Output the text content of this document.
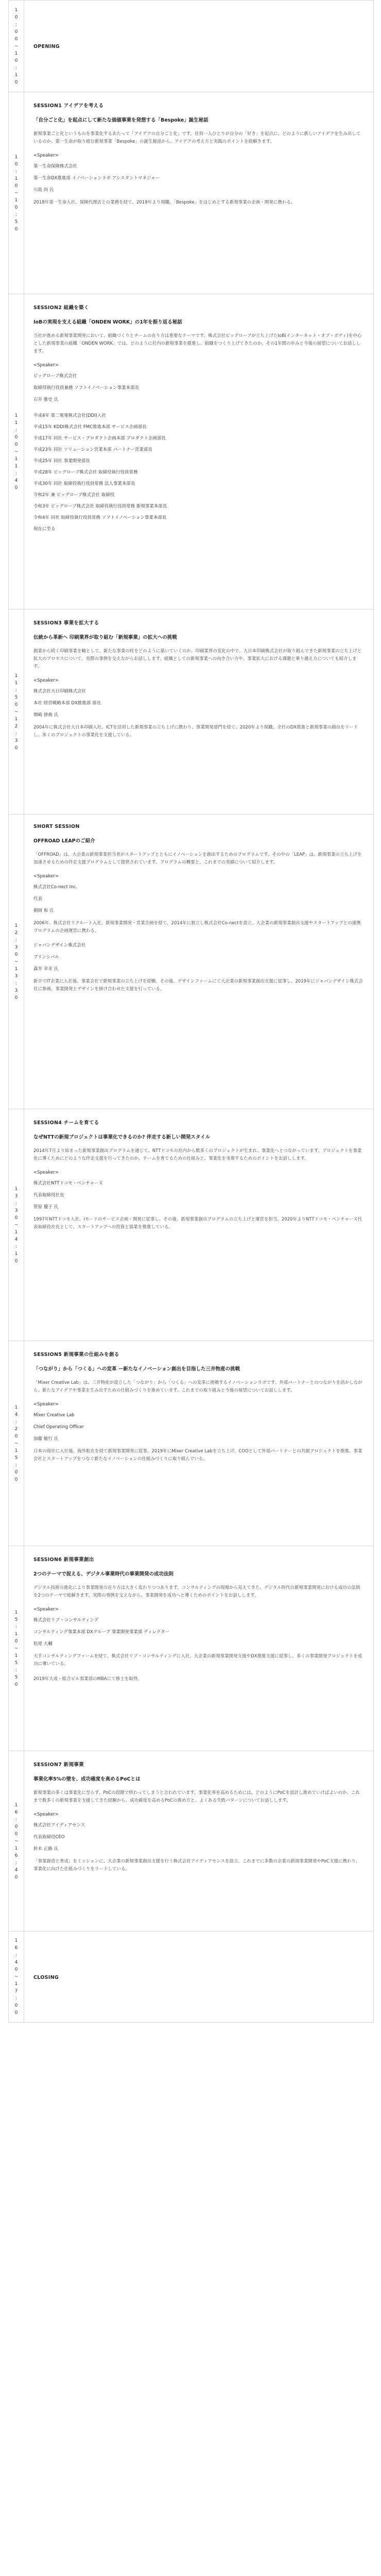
1
0
:
0
0
~
1
0
:
1
0
OPENING
1
0
:
1
0
~
1
0
:
5
0
SESSION1 アイデアを考える
「自分ごと化」を起点にして新たな価値事業を発想する「Bespoke」誕生秘話
新規事業ごと化というものを事業化するあたって「アイデアの自分ごと化」です。社員一人ひとりが自分の「好き」を起点に、どのように新しいアイデアを生み出しているのか。第一生命が取り組む新規事業「Bespoke」の誕生秘話から、アイデアの考え方と実践のポイントを紐解きます。
<Speaker>
第一生命保険株式会社
第一生命DX推進部 イノベーションラボ アシスタントマネジャー
川島 尚 氏
2018年第一生命入社。保険代理店との業務を経て、2019年より現職。「Bespoke」をはじめとする新規事業の企画・開発に携わる。
1
1
:
0
0
~
1
1
:
4
0
SESSION2 組織を築く
IoBの実現を支える組織「ONDEN WORK」の1年を振り返る秘話
当社が進める新規事業開発において、組織づくりとチームの在り方は重要なテーマです。株式会社ビッグローブが立ち上げたIoB(インターネット・オブ・ボディ)を中心とした新規事業の組織「ONDEN WORK」では、どのように社内の新規事業を推進し、組織をつくり上げてきたのか。その1年間の歩みと今後の展望についてお話しします。
<Speaker>
ビッグローブ株式会社
取締役執行役員兼務 ソフトイノベーション事業本部長
石井 雅史 氏
平成4年 第二電電株式会社(DDI)入社
平成15年 KDDI株式会社 FMC推進本部 サービス企画部長
平成17年 同社 サービス・プロダクト企画本部 プロダクト企画部長
平成23年 同社 ソリューション営業本部 パートナー営業部長
平成25年 同社 事業開発部長
平成28年 ビッグローブ株式会社 取締役執行役員常務
平成30年 同社 取締役執行役員常務 法人事業本部長
令和2年 兼 ビッグローブ株式会社 取締役
令和3年 ビッグローブ株式会社 取締役執行役員常務 新規事業本部長
令和4年 同社 取締役執行役員常務 ソフトイノベーション事業本部長
現在に至る
1
1
:
5
0
~
1
2
:
3
0
SESSION3 事業を拡大する
伝統から革新へ 印刷業界が取り組む「新規事業」の拡大への挑戦
創業から続く印刷事業を軸として、新たな事業の柱をどのように築いていくのか。印刷業界の変化の中で、大日本印刷株式会社が取り組んできた新規事業の立ち上げと拡大のプロセスについて、実際の事例を交えながらお話しします。組織としての新規事業への向き合い方や、事業拡大における課題と乗り越え方についても紹介します。
<Speaker>
株式会社大日印刷株式会社
本社 経営戦略本部 DX推進部 部長
関崎 律典 氏
2004年に株式会社大日本印刷入社。ICTを活用した新規事業の立ち上げに携わり、事業開発部門を経て、2020年より現職。全社のDX推進と新規事業の創出をリードし、多くのプロジェクトの事業化を支援している。
1
2
:
3
0
~
1
3
:
3
0
SHORT SESSION
OFFROAD LEAPのご紹介
「OFFROAD」は、大企業の新規事業担当者がスタートアップとともにイノベーションを創出するためのプログラムです。その中の「LEAP」は、新規事業の立ち上げを加速させるための伴走支援プログラムとして提供されています。プログラムの概要と、これまでの実績について紹介します。
<Speaker>
株式会社Co-nect Inc.
代表
朝岡 和 氏
2006年、株式会社リクルート入社。新規事業開発・営業企画を経て、2014年に独立し株式会社Co-nectを設立。大企業の新規事業創出支援やスタートアップとの連携プログラムの企画運営に携わる。
ジャパンデザイン株式会社
プリンシパル
森井 幸幸 氏
新卒でIT企業に入社後、事業会社で新規事業の立ち上げを経験。その後、デザインファームにて大企業の新規事業創出支援に従事し、2019年にジャパンデザイン株式会社に参画。事業開発とデザインを掛け合わせた支援を行っている。
1
3
:
3
0
~
1
4
:
1
0
SESSION4 チームを育てる
なぜNTTの新規プロジェクトは事業化できるのか? 伴走する新しい開発スタイル
2014年7月より始まった新規事業創出プログラムを通じて、NTTドコモの社内から数多くのプロジェクトが生まれ、事業化へとつながっています。プロジェクトを事業化に導くためにどのような伴走支援を行ってきたのか。チームを育てるための仕組みと、事業化を実現するためのポイントをお話しします。
<Speaker>
株式会社NTTドコモ・ベンチャーズ
代表取締役社長
笹原 優子 氏
1997年NTTドコモ入社。iモードのサービス企画・開発に従事し、その後、新規事業創出プログラムの立ち上げと運営を担当。2020年よりNTTドコモ・ベンチャーズ代表取締役社長として、スタートアップへの投資と協業を推進している。
1
4
:
2
0
~
1
5
:
0
0
SESSION5 新規事業の仕組みを創る
「つながり」から「つくる」への変革 ー新たなイノベーション創出を目指した三井物産の挑戦
「Mixer Creative Lab」は、三井物産が設立した「つながり」から「つくる」への変革に挑戦するイノベーションラボです。外部パートナーとのつながりを活かしながら、新たなアイデアや事業を生み出すための仕組みづくりを進めています。これまでの取り組みと今後の展望についてお話しします。
<Speaker>
Mixer Creative Lab
Chief Operating Officer
加藤 敏行 氏
日本の商社に入社後、海外駐在を経て新規事業開発に従事。2019年にMixer Creative Labを立ち上げ、COOとして外部パートナーとの共創プロジェクトを推進。事業会社とスタートアップをつなぐ新たなイノベーションの仕組みづくりに取り組んでいる。
1
5
:
1
0
~
1
5
:
5
0
SESSION6 新規事業創出
2つのテーマで捉える、デジタル事業時代の事業開発の成功法則
デジタル技術の進化により事業開発の在り方は大きく変わりつつあります。コンサルティングの現場から見えてきた、デジタル時代の新規事業開発における成功の法則を2つのテーマで紐解きます。実際の事例を交えながら、事業開発を成功へと導くためのポイントをお話しします。
<Speaker>
株式会社リブ・コンサルティング
コンサルティング事業本部 DXグループ 事業開発事業部 ディレクター
松尾 大輔
大手コンサルティングファームを経て、株式会社リブ・コンサルティングに入社。大企業の新規事業開発支援やDX推進支援に従事し、多くの事業開発プロジェクトを成功に導いている。
2019年大成・総合ビル事業部のMBAにて修士を取得。
1
6
:
0
0
~
1
6
:
4
0
SESSION7 新規事業
事業化率5%の壁を、成功確度を高めるPoCとは
新規事業の多くは事業化に至らず、PoCの段階で終わってしまうと言われています。事業化率を高めるためには、どのようにPoCを設計し進めていけばよいのか。これまで数多くの新規事業を支援してきた経験から、成功確度を高めるPoCの進め方と、よくある失敗パターンについてお話しします。
<Speaker>
株式会社アイディアセンス
代表取締役CEO
鈴木 正路 氏
「事業創造と育成」をミッションに、大企業の新規事業創出支援を行う株式会社アイディアセンスを設立。これまでに多数の企業の新規事業開発やPoC支援に携わり、事業化に向けた仕組みづくりをリードしている。
1
6
:
4
0
~
1
7
:
0
0
CLOSING
